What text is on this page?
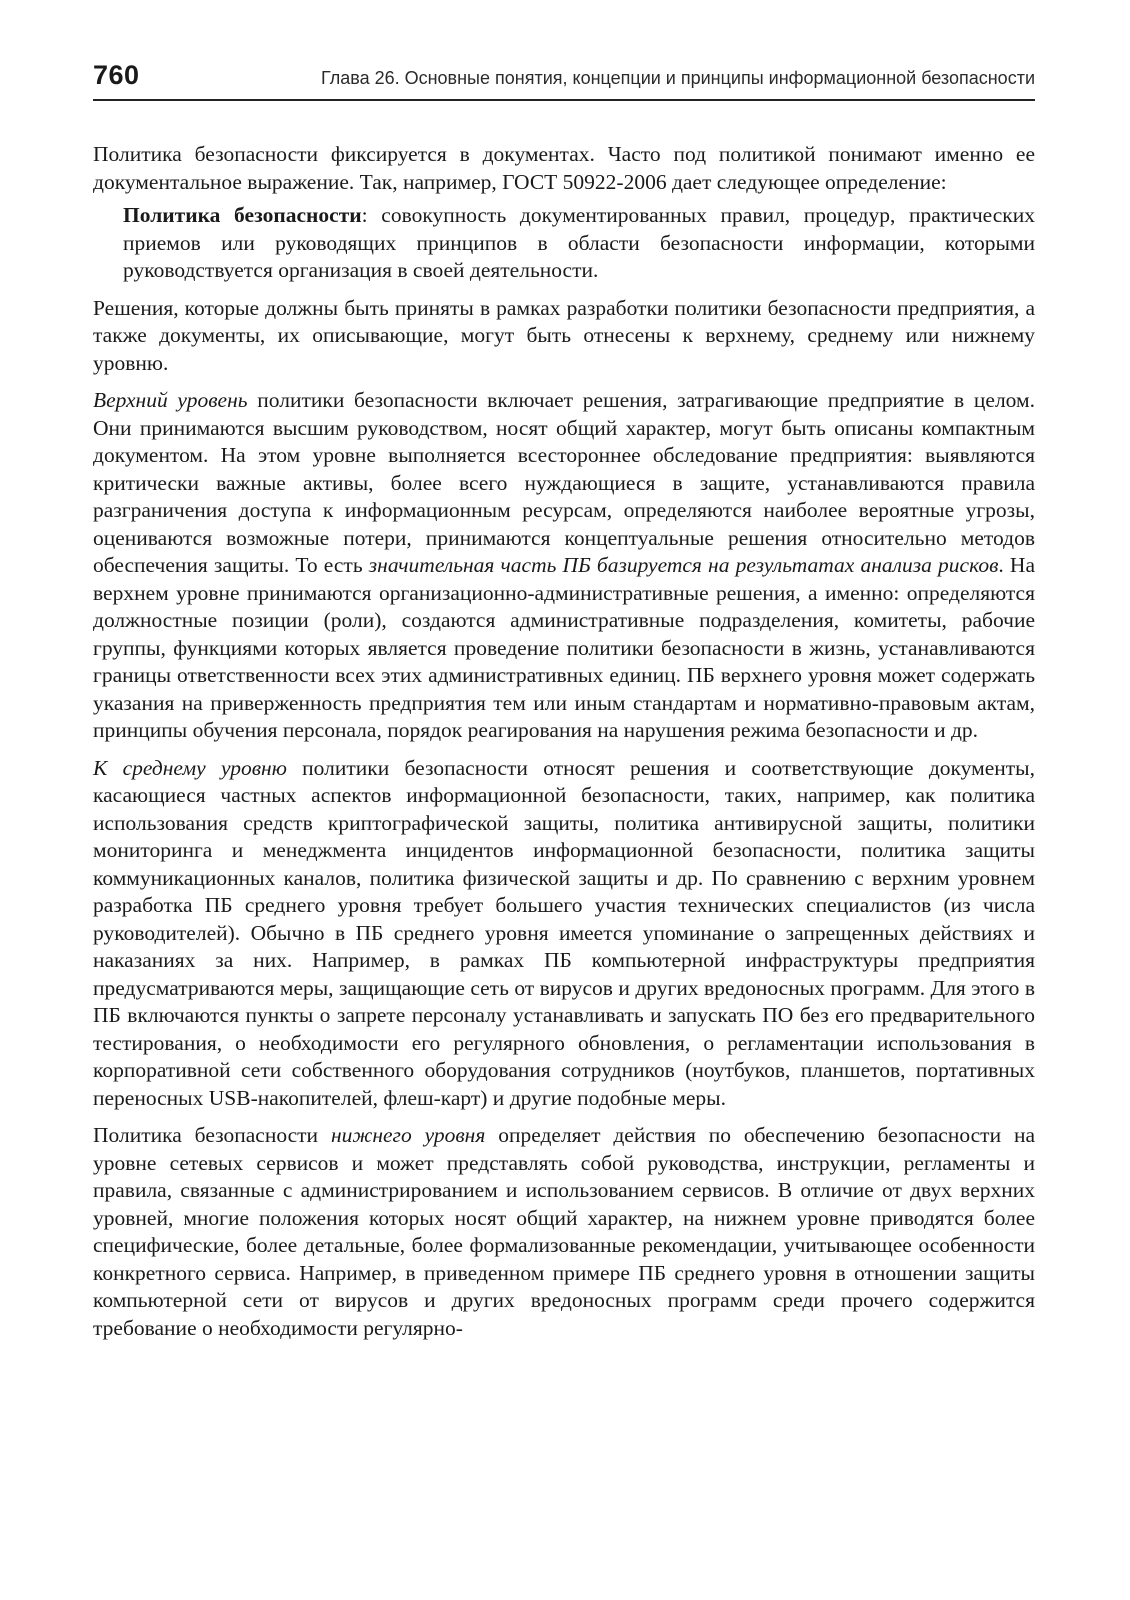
760	Глава 26. Основные понятия, концепции и принципы информационной безопасности

Политика безопасности фиксируется в документах. Часто под политикой понимают именно ее документальное выражение. Так, например, ГОСТ 50922-2006 дает следующее определение:

Политика безопасности: совокупность документированных правил, процедур, практических приемов или руководящих принципов в области безопасности информации, которыми руководствуется организация в своей деятельности.

Решения, которые должны быть приняты в рамках разработки политики безопасности предприятия, а также документы, их описывающие, могут быть отнесены к верхнему, среднему или нижнему уровню.

Верхний уровень политики безопасности включает решения, затрагивающие предприятие в целом. Они принимаются высшим руководством, носят общий характер, могут быть описаны компактным документом. На этом уровне выполняется всестороннее обследование предприятия: выявляются критически важные активы, более всего нуждающиеся в защите, устанавливаются правила разграничения доступа к информационным ресурсам, определяются наиболее вероятные угрозы, оцениваются возможные потери, принимаются концептуальные решения относительно методов обеспечения защиты. То есть значительная часть ПБ базируется на результатах анализа рисков. На верхнем уровне принимаются организационно-административные решения, а именно: определяются должностные позиции (роли), создаются административные подразделения, комитеты, рабочие группы, функциями которых является проведение политики безопасности в жизнь, устанавливаются границы ответственности всех этих административных единиц. ПБ верхнего уровня может содержать указания на приверженность предприятия тем или иным стандартам и нормативно-правовым актам, принципы обучения персонала, порядок реагирования на нарушения режима безопасности и др.

К среднему уровню политики безопасности относят решения и соответствующие документы, касающиеся частных аспектов информационной безопасности, таких, например, как политика использования средств криптографической защиты, политика антивирусной защиты, политики мониторинга и менеджмента инцидентов информационной безопасности, политика защиты коммуникационных каналов, политика физической защиты и др. По сравнению с верхним уровнем разработка ПБ среднего уровня требует большего участия технических специалистов (из числа руководителей). Обычно в ПБ среднего уровня имеется упоминание о запрещенных действиях и наказаниях за них. Например, в рамках ПБ компьютерной инфраструктуры предприятия предусматриваются меры, защищающие сеть от вирусов и других вредоносных программ. Для этого в ПБ включаются пункты о запрете персоналу устанавливать и запускать ПО без его предварительного тестирования, о необходимости его регулярного обновления, о регламентации использования в корпоративной сети собственного оборудования сотрудников (ноутбуков, планшетов, портативных переносных USB-накопителей, флеш-карт) и другие подобные меры.

Политика безопасности нижнего уровня определяет действия по обеспечению безопасности на уровне сетевых сервисов и может представлять собой руководства, инструкции, регламенты и правила, связанные с администрированием и использованием сервисов. В отличие от двух верхних уровней, многие положения которых носят общий характер, на нижнем уровне приводятся более специфические, более детальные, более формализованные рекомендации, учитывающее особенности конкретного сервиса. Например, в приведенном примере ПБ среднего уровня в отношении защиты компьютерной сети от вирусов и других вредоносных программ среди прочего содержится требование о необходимости регулярно-
